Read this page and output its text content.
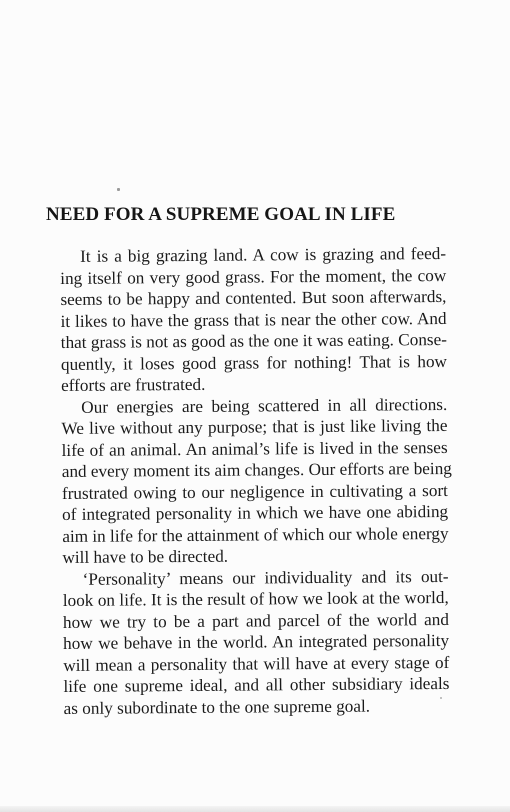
NEED FOR A SUPREME GOAL IN LIFE
It is a big grazing land. A cow is grazing and feed-
ing itself on very good grass. For the moment, the cow
seems to be happy and contented. But soon afterwards,
it likes to have the grass that is near the other cow. And
that grass is not as good as the one it was eating. Conse-
quently, it loses good grass for nothing! That is how
efforts are frustrated.
Our energies are being scattered in all directions.
We live without any purpose; that is just like living the
life of an animal. An animal’s life is lived in the senses
and every moment its aim changes. Our efforts are being
frustrated owing to our negligence in cultivating a sort
of integrated personality in which we have one abiding
aim in life for the attainment of which our whole energy
will have to be directed.
‘Personality’ means our individuality and its out-
look on life. It is the result of how we look at the world,
how we try to be a part and parcel of the world and
how we behave in the world. An integrated personality
will mean a personality that will have at every stage of
life one supreme ideal, and all other subsidiary ideals
as only subordinate to the one supreme goal.
